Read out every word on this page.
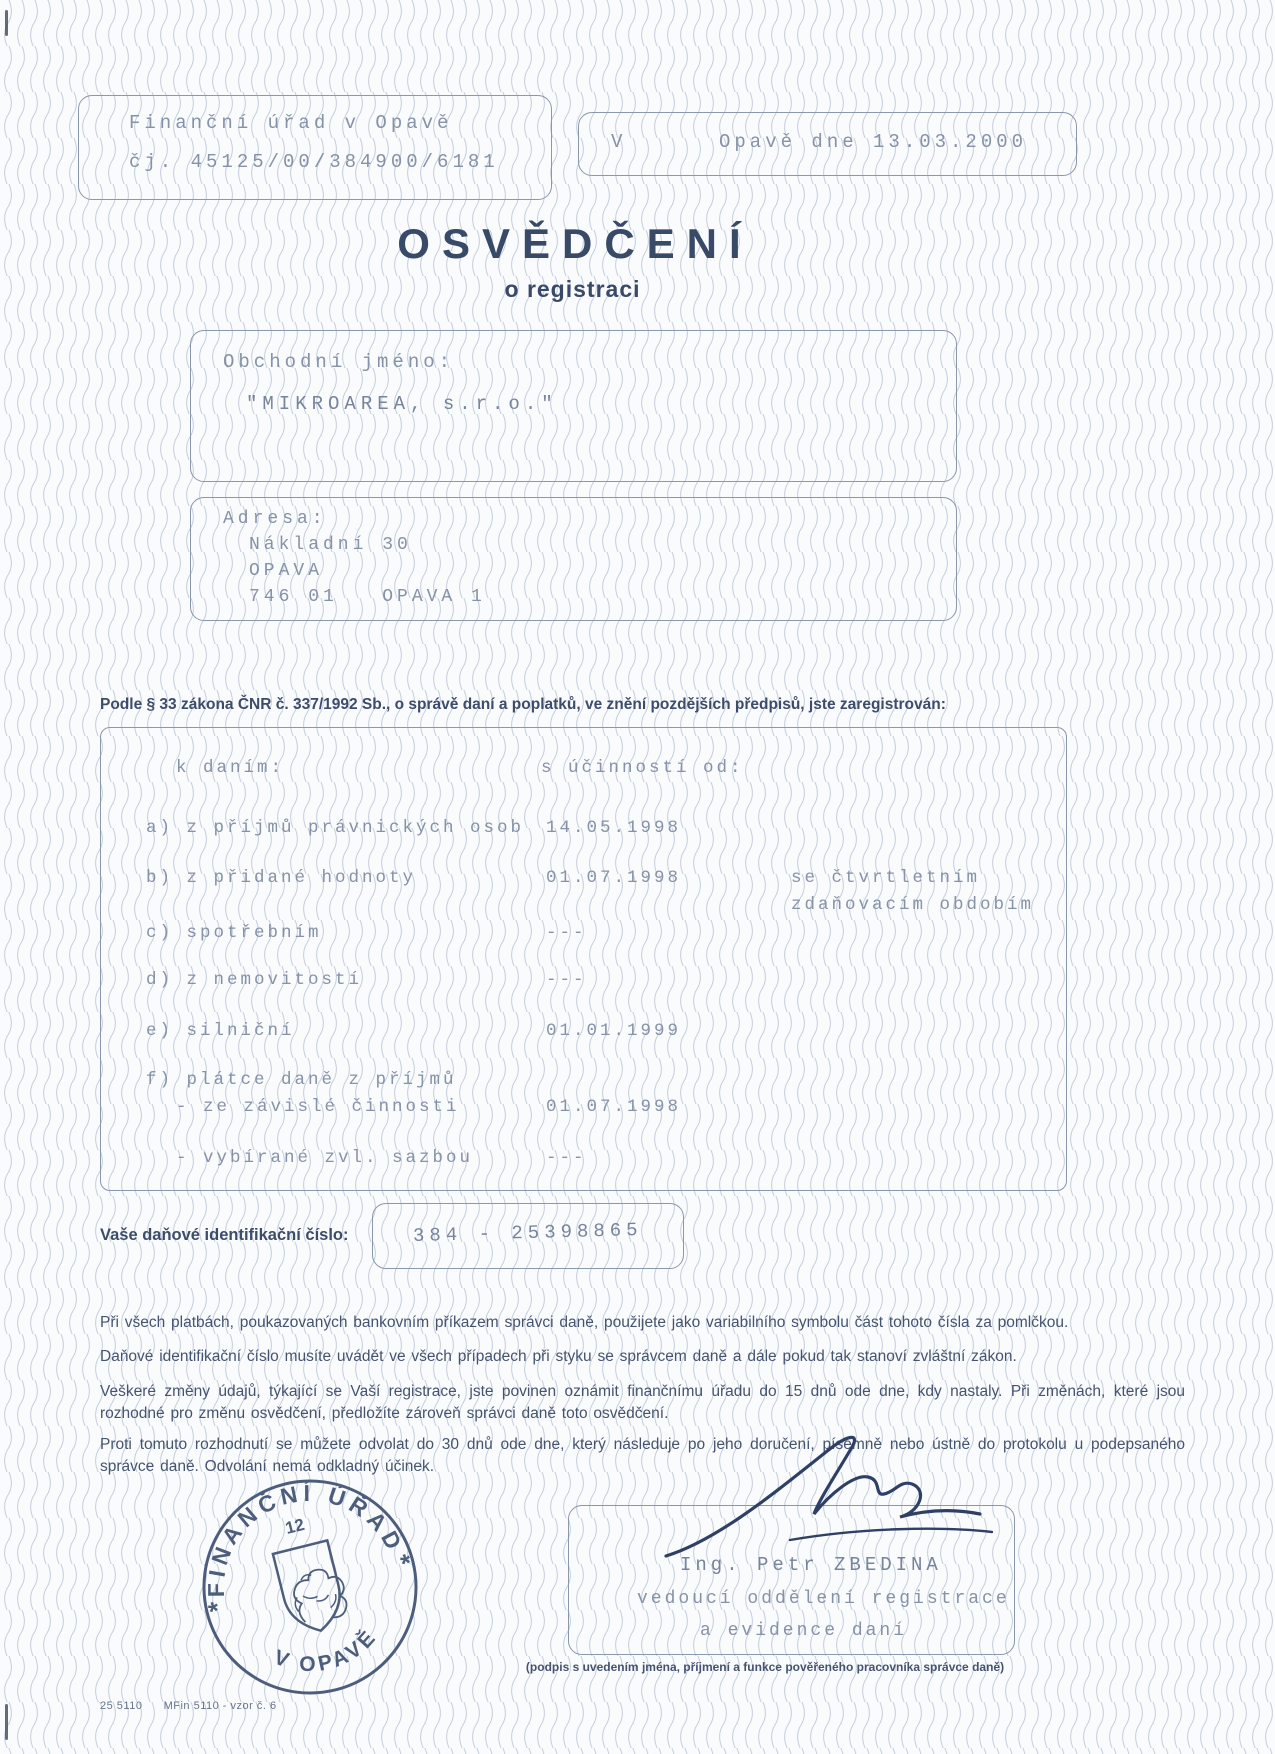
Finanční úřad v Opavě
čj. 45125/00/384900/6181
V	Opavě dne 13.03.2000
OSVĚDČENÍ
o registraci
Obchodní jméno:
"MIKROAREA, s.r.o."
Adresa:
Nákladní 30
OPAVA
746 01   OPAVA 1
Podle § 33 zákona ČNR č. 337/1992 Sb., o správě daní a poplatků, ve znění pozdějších předpisů, jste zaregistrován:
k daním:	s účinností od:
a) z příjmů právnických osob 14.05.1998
b) z přidané hodnoty	01.07.1998	se čtvrtletním
zdaňovacím obdobím
c) spotřebním	---
d) z nemovitostí	---
e) silniční	01.01.1999
f) plátce daně z příjmů
- ze závislé činnosti	01.07.1998
- vybírané zvl. sazbou	---
Vaše daňové identifikační číslo:	384 - 25398865
Při všech platbách, poukazovaných bankovním příkazem správci daně, použijete jako variabilního symbolu část tohoto čísla za pomlčkou.
Daňové identifikační číslo musíte uvádět ve všech případech při styku se správcem daně a dále pokud tak stanoví zvláštní zákon.
Veškeré změny údajů, týkající se Vaší registrace, jste povinen oznámit finančnímu úřadu do 15 dnů ode dne, kdy nastaly. Při změnách, které jsou rozhodné pro změnu osvědčení, předložíte zároveň správci daně toto osvědčení.
Proti tomuto rozhodnutí se můžete odvolat do 30 dnů ode dne, který následuje po jeho doručení, písemně nebo ústně do protokolu u podepsaného správce daně. Odvolání nemá odkladný účinek.
FINANČNÍ ÚŘAD
V OPAVĚ
12
*
*	Ing. Petr ZBEDINA
vedoucí oddělení registrace
a evidence daní
(podpis s uvedením jména, příjmení a funkce pověřeného pracovníka správce daně)
25 5110 MFin 5110 - vzor č. 6
